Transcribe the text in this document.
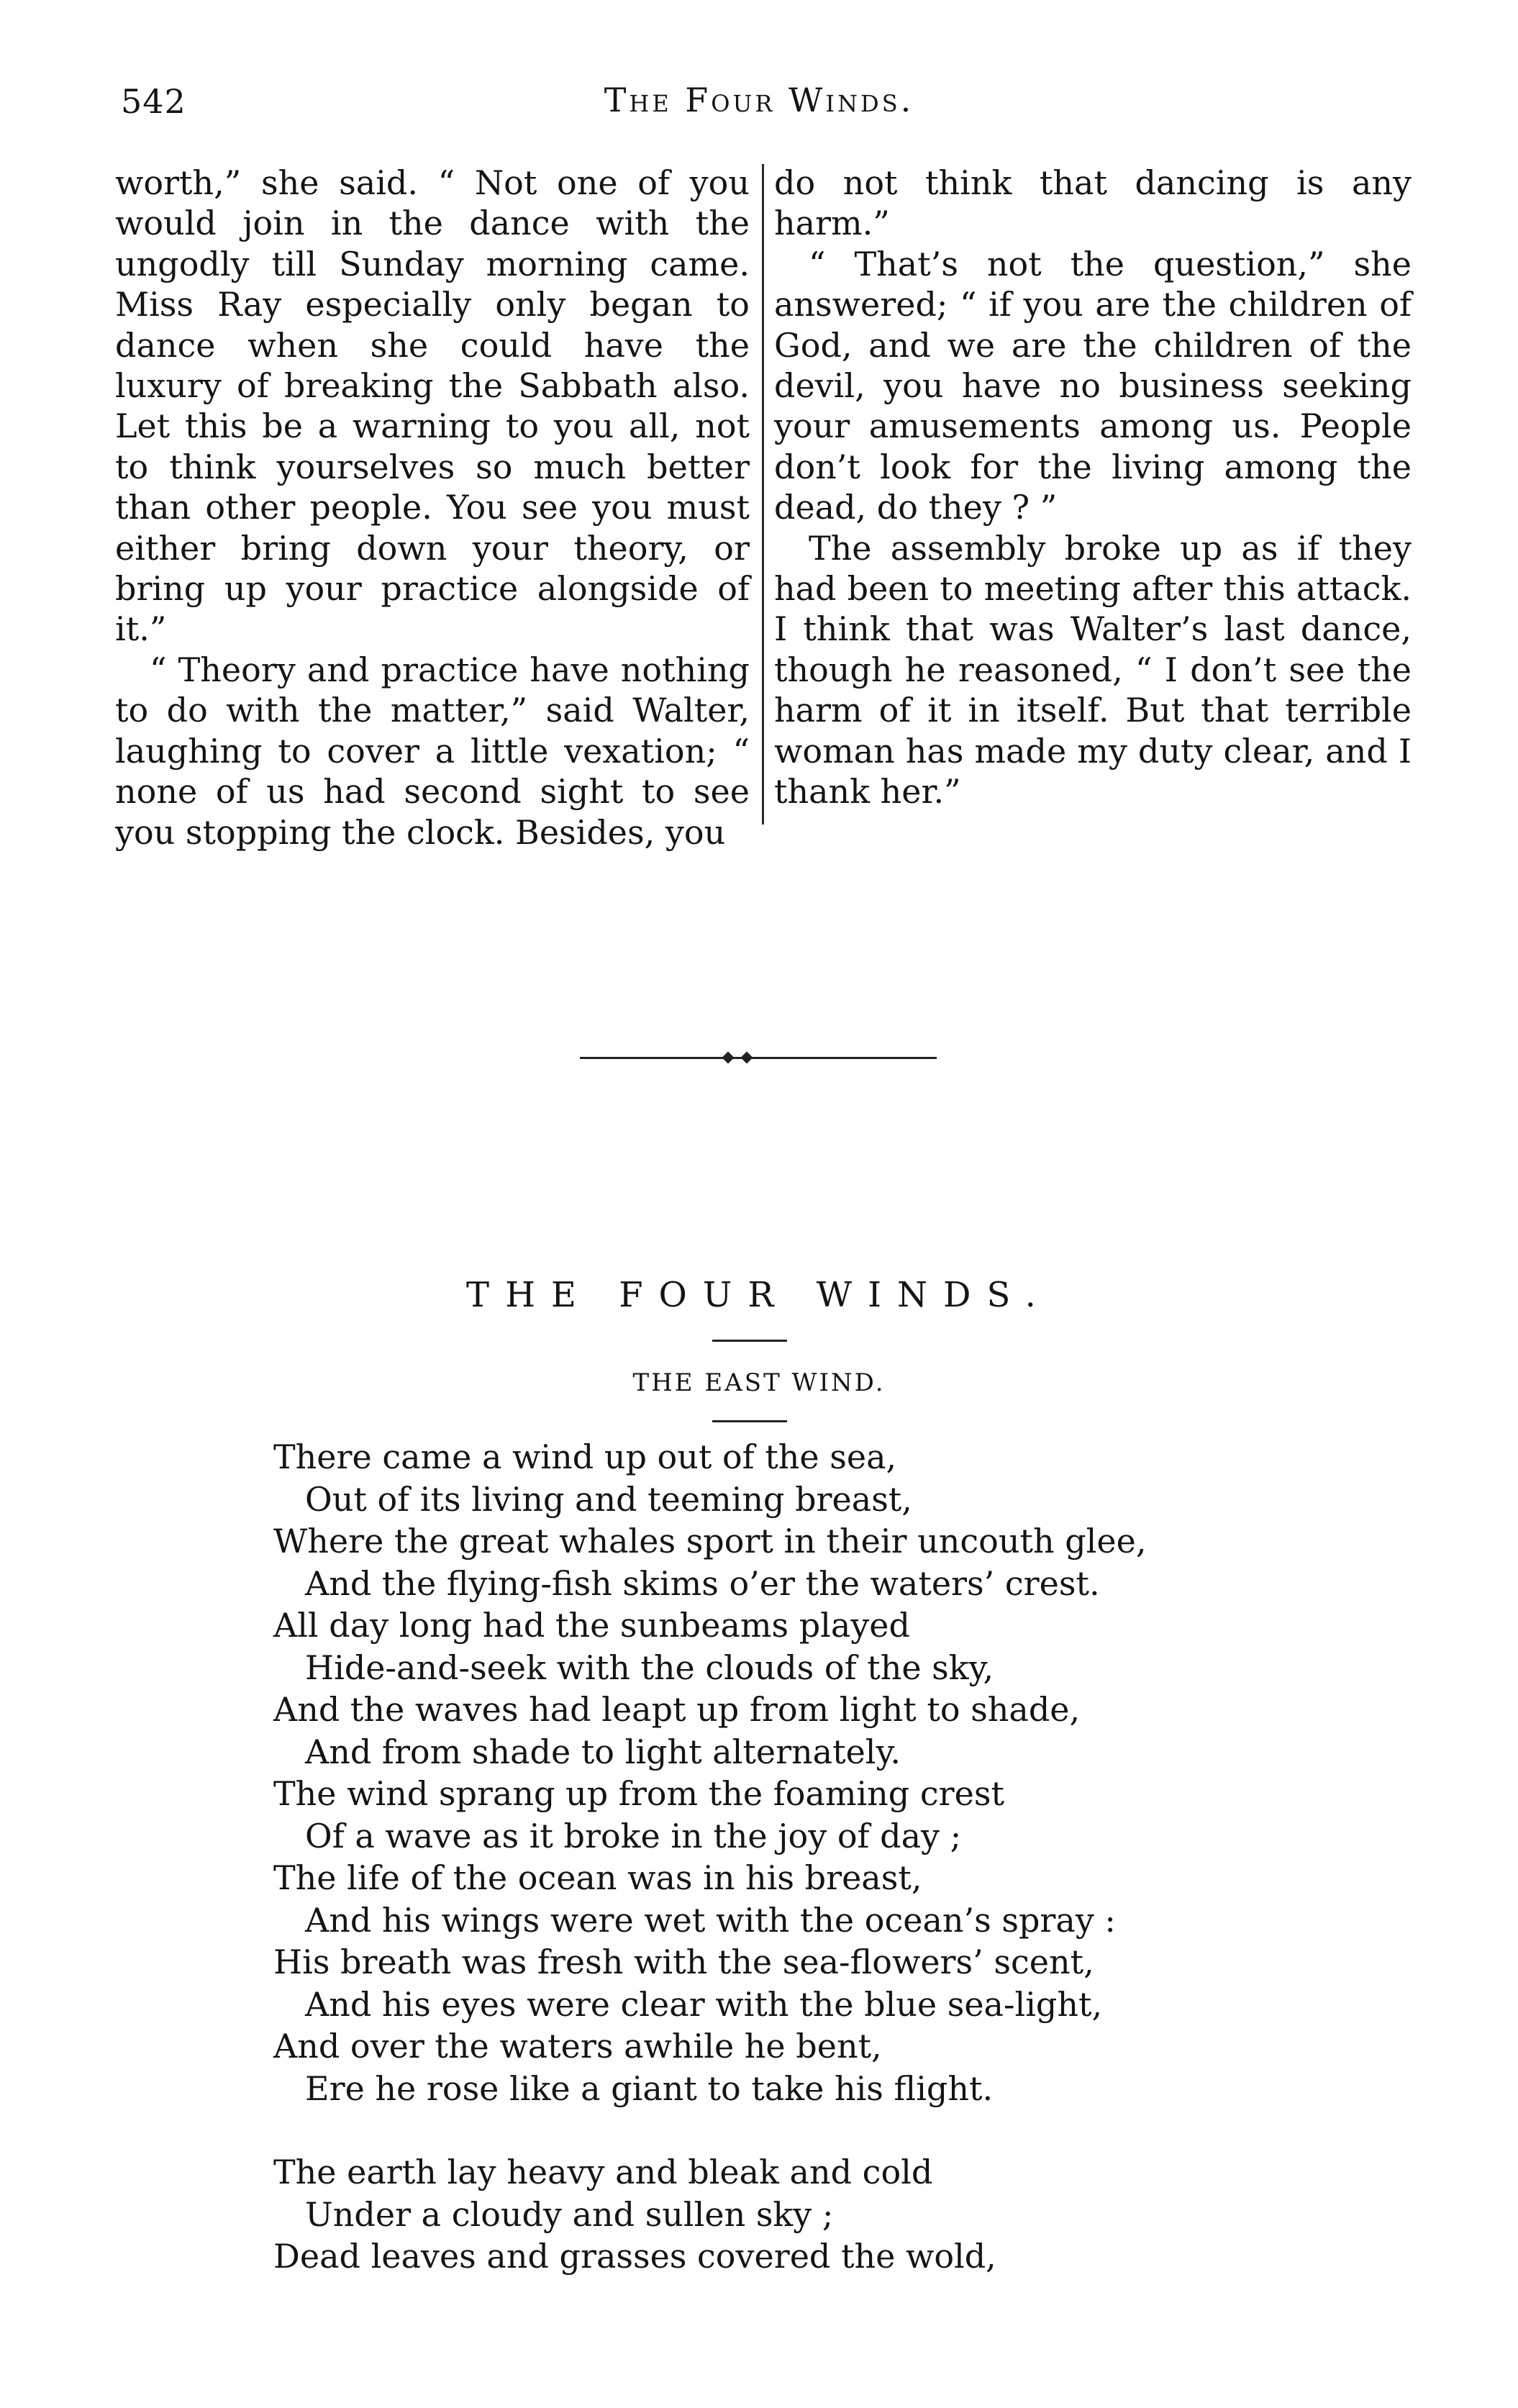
542	The Four Winds.

worth,” she said. “ Not one of you would join in the dance with the ungodly till Sunday morning came. Miss Ray especially only began to dance when she could have the luxury of breaking the Sabbath also. Let this be a warning to you all, not to think yourselves so much better than other people. You see you must either bring down your theory, or bring up your practice alongside of it.”

“ Theory and practice have nothing to do with the matter,” said Walter, laughing to cover a little vexation; “ none of us had second sight to see you stopping the clock. Besides, you

do not think that dancing is any harm.”

“ That’s not the question,” she answered; “ if you are the children of God, and we are the children of the devil, you have no business seeking your amusements among us. People don’t look for the living among the dead, do they ? ”

The assembly broke up as if they had been to meeting after this attack. I think that was Walter’s last dance, though he reasoned, “ I don’t see the harm of it in itself. But that terrible woman has made my duty clear, and I thank her.”

THE FOUR WINDS.
THE EAST WIND.
There came a wind up out of the sea,
Out of its living and teeming breast,
Where the great whales sport in their uncouth glee,
And the flying-fish skims o’er the waters’ crest.
All day long had the sunbeams played
Hide-and-seek with the clouds of the sky,
And the waves had leapt up from light to shade,
And from shade to light alternately.
The wind sprang up from the foaming crest
Of a wave as it broke in the joy of day ;
The life of the ocean was in his breast,
And his wings were wet with the ocean’s spray :
His breath was fresh with the sea-flowers’ scent,
And his eyes were clear with the blue sea-light,
And over the waters awhile he bent,
Ere he rose like a giant to take his flight.
The earth lay heavy and bleak and cold
Under a cloudy and sullen sky ;
Dead leaves and grasses covered the wold,
